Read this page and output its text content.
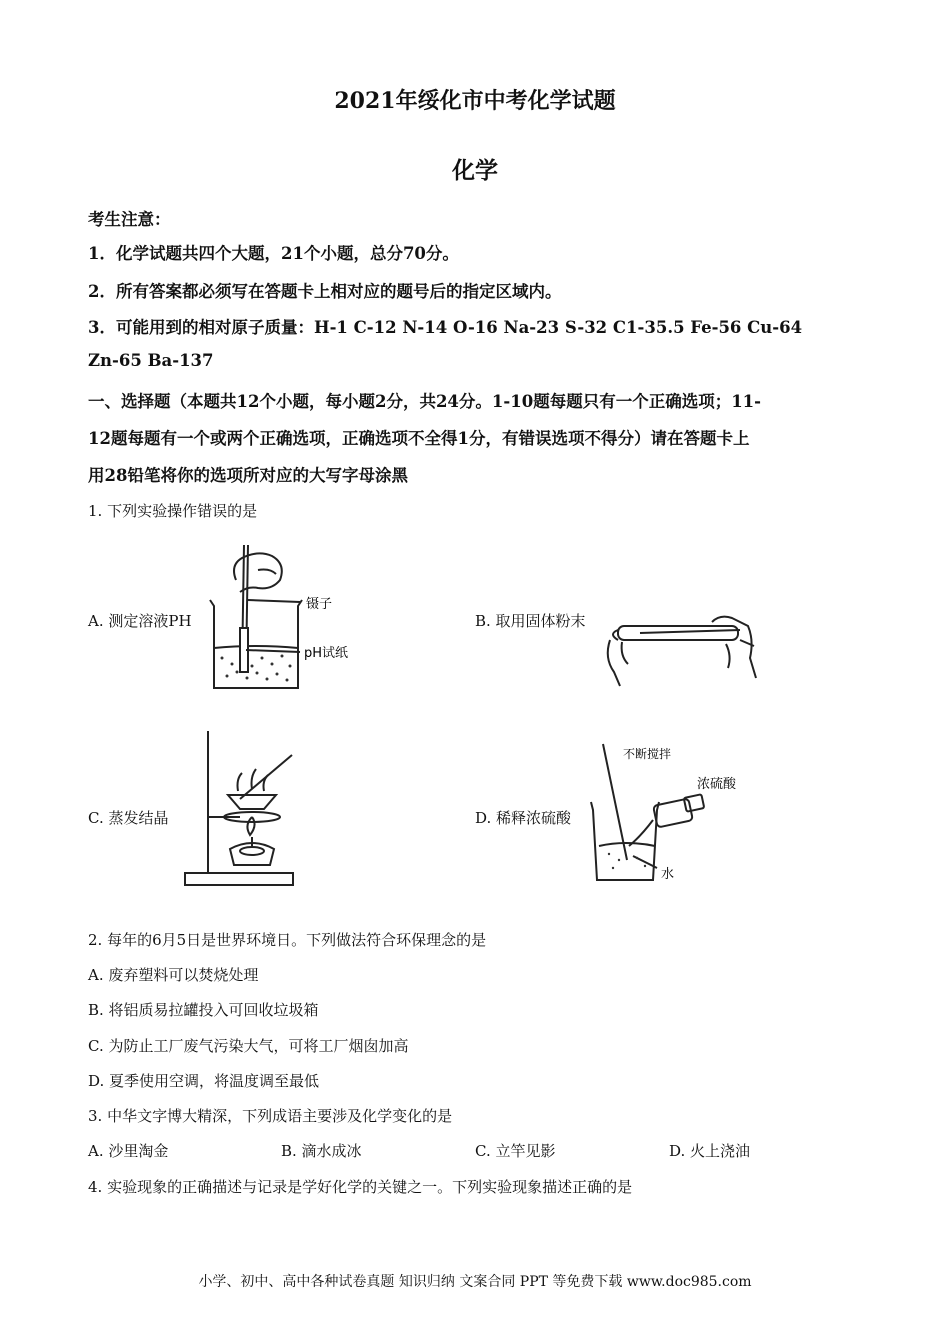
2021年绥化市中考化学试题
化学
考生注意：
1．化学试题共四个大题，21个小题，总分70分。
2．所有答案都必须写在答题卡上相对应的题号后的指定区域内。
3．可能用到的相对原子质量：H-1 C-12 N-14 O-16 Na-23 S-32 C1-35.5 Fe-56 Cu-64
Zn-65 Ba-137
一、选择题（本题共12个小题，每小题2分，共24分。1-10题每题只有一个正确选项；11-
12题每题有一个或两个正确选项，正确选项不全得1分，有错误选项不得分）请在答题卡上
用28铅笔将你的选项所对应的大写字母涂黑
1. 下列实验操作错误的是
A. 测定溶液PH	B. 取用固体粉末
C. 蒸发结晶	D. 稀释浓硫酸
镊子
pH试纸
不断搅拌
浓硫酸
水
2. 每年的6月5日是世界环境日。下列做法符合环保理念的是
A. 废弃塑料可以焚烧处理
B. 将铝质易拉罐投入可回收垃圾箱
C. 为防止工厂废气污染大气，可将工厂烟囱加高
D. 夏季使用空调，将温度调至最低
3. 中华文字博大精深，下列成语主要涉及化学变化的是
A. 沙里淘金	B. 滴水成冰	C. 立竿见影	D. 火上浇油
4. 实验现象的正确描述与记录是学好化学的关键之一。下列实验现象描述正确的是
小学、初中、高中各种试卷真题 知识归纳 文案合同 PPT 等免费下载 www.doc985.com
